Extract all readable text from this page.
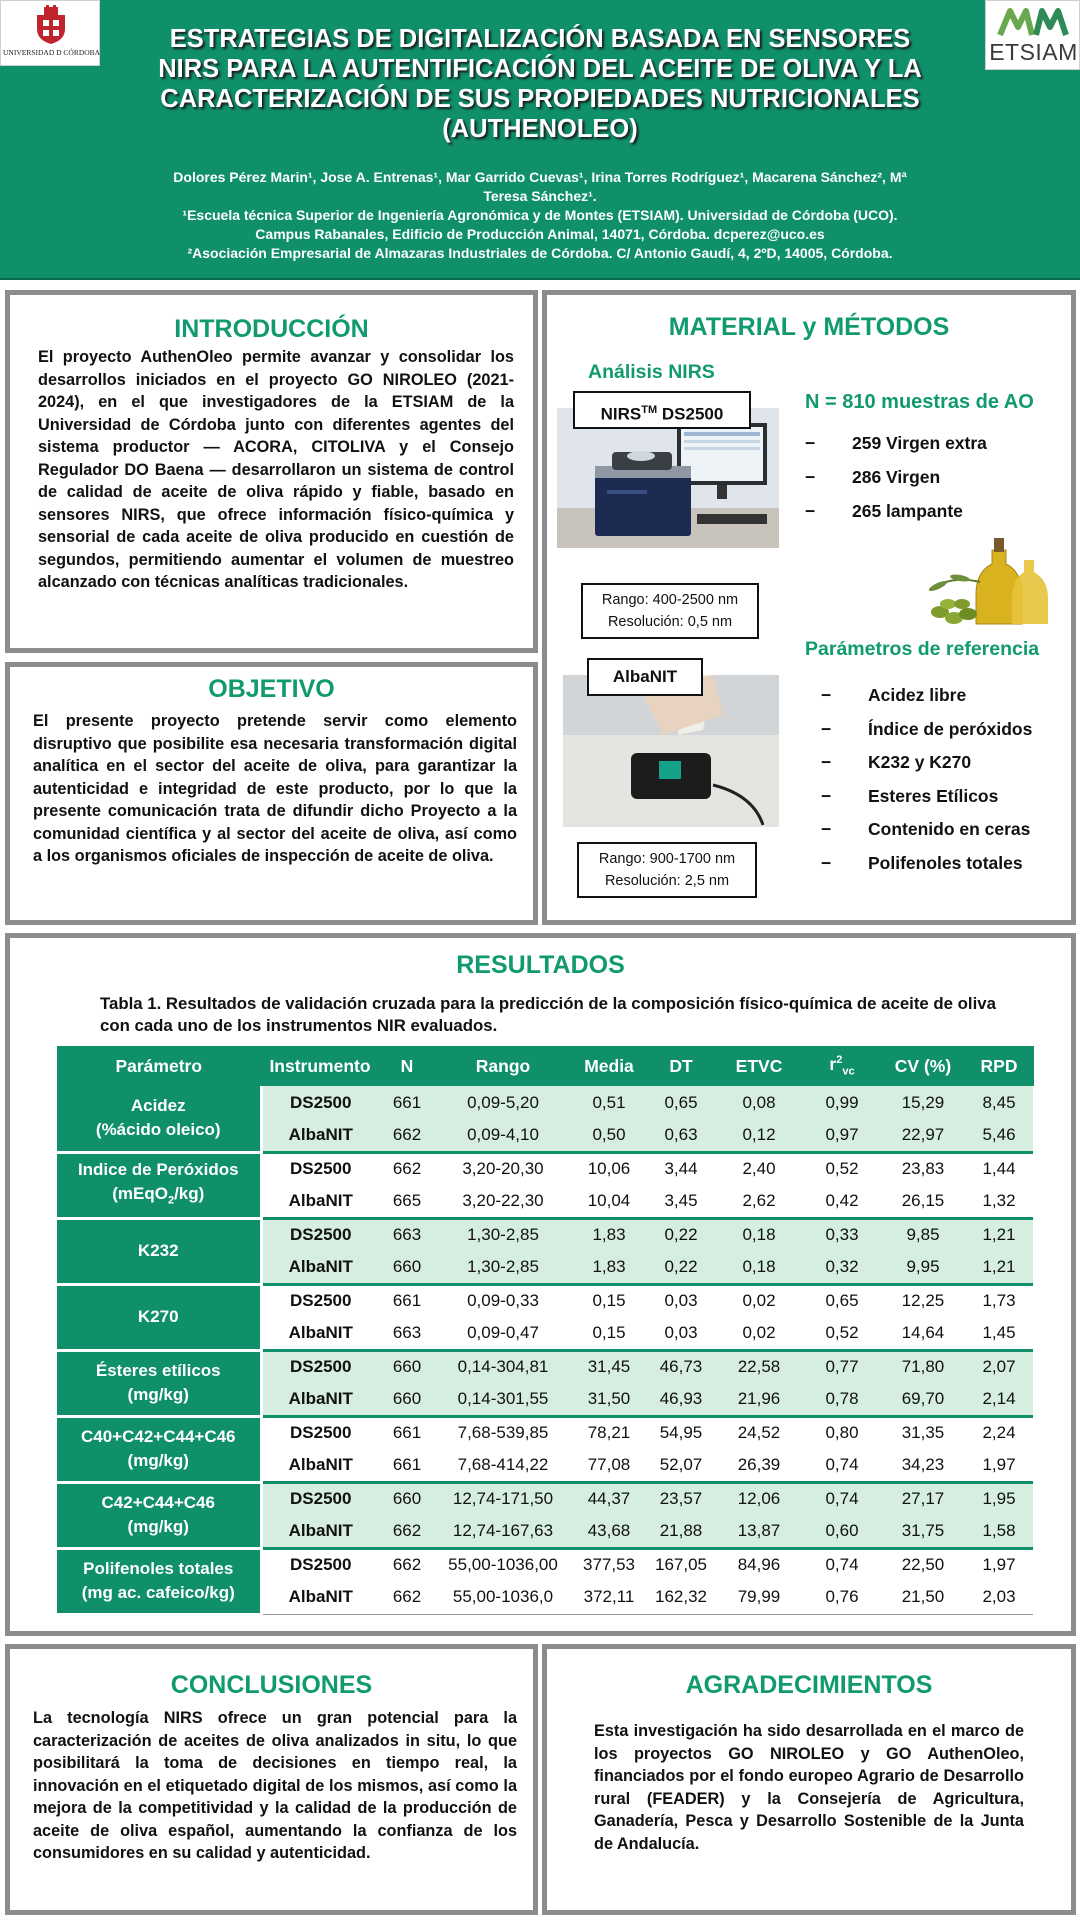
UNIVERSIDAD D CÓRDOBA	ETSIAM
ESTRATEGIAS DE DIGITALIZACIÓN BASADA EN SENSORES
NIRS PARA LA AUTENTIFICACIÓN DEL ACEITE DE OLIVA Y LA
CARACTERIZACIÓN DE SUS PROPIEDADES NUTRICIONALES
(AUTHENOLEO)
Dolores Pérez Marin¹, Jose A. Entrenas¹, Mar Garrido Cuevas¹, Irina Torres Rodríguez¹, Macarena Sánchez², Mª
Teresa Sánchez¹.
¹Escuela técnica Superior de Ingeniería Agronómica y de Montes (ETSIAM). Universidad de Córdoba (UCO).
Campus Rabanales, Edificio de Producción Animal, 14071, Córdoba. dcperez@uco.es
²Asociación Empresarial de Almazaras Industriales de Córdoba. C/ Antonio Gaudí, 4, 2ºD, 14005, Córdoba.
INTRODUCCIÓN
El proyecto AuthenOleo permite avanzar y consolidar los desarrollos iniciados en el proyecto GO NIROLEO (2021-2024), en el que investigadores de la ETSIAM de la Universidad de Córdoba junto con diferentes agentes del sistema productor — ACORA, CITOLIVA y el Consejo Regulador DO Baena — desarrollaron un sistema de control de calidad de aceite de oliva rápido y fiable, basado en sensores NIRS, que ofrece información físico-química y sensorial de cada aceite de oliva producido en cuestión de segundos, permitiendo aumentar el volumen de muestreo alcanzado con técnicas analíticas tradicionales.
OBJETIVO
El presente proyecto pretende servir como elemento disruptivo que posibilite esa necesaria transformación digital analítica en el sector del aceite de oliva, para garantizar la autenticidad e integridad de este producto, por lo que la presente comunicación trata de difundir dicho Proyecto a la comunidad científica y al sector del aceite de oliva, así como a los organismos oficiales de inspección de aceite de oliva.
MATERIAL y MÉTODOS
Análisis NIRS
NIRS™ DS2500
Rango: 400-2500 nm
Resolución: 0,5 nm
AlbaNIT
Rango: 900-1700 nm
Resolución: 2,5 nm
N = 810 muestras de AO
− 259 Virgen extra
− 286 Virgen
− 265 lampante
Parámetros de referencia
− Acidez libre
− Índice de peróxidos
− K232 y K270
− Esteres Etílicos
− Contenido en ceras
− Polifenoles totales
RESULTADOS
Tabla 1. Resultados de validación cruzada para la predicción de la composición físico-química de aceite de oliva con cada uno de los instrumentos NIR evaluados.
Parámetro	Instrumento	N	Rango	Media	DT	ETVC	$r^2_{vc}$	CV (%)	RPD

Acidez
(%ácido oleico)	DS2500	661	0,09-5,20	0,51	0,65	0,08	0,99	15,29	8,45
	AlbaNIT	662	0,09-4,10	0,50	0,63	0,12	0,97	22,97	5,46

Indice de Peróxidos
(mEqO$_2$/kg)	DS2500	662	3,20-20,30	10,06	3,44	2,40	0,52	23,83	1,44
	AlbaNIT	665	3,20-22,30	10,04	3,45	2,62	0,42	26,15	1,32

K232	DS2500	663	1,30-2,85	1,83	0,22	0,18	0,33	9,85	1,21
	AlbaNIT	660	1,30-2,85	1,83	0,22	0,18	0,32	9,95	1,21

K270	DS2500	661	0,09-0,33	0,15	0,03	0,02	0,65	12,25	1,73
	AlbaNIT	663	0,09-0,47	0,15	0,03	0,02	0,52	14,64	1,45

Ésteres etílicos
(mg/kg)	DS2500	660	0,14-304,81	31,45	46,73	22,58	0,77	71,80	2,07
	AlbaNIT	660	0,14-301,55	31,50	46,93	21,96	0,78	69,70	2,14

C40+C42+C44+C46
(mg/kg)	DS2500	661	7,68-539,85	78,21	54,95	24,52	0,80	31,35	2,24
	AlbaNIT	661	7,68-414,22	77,08	52,07	26,39	0,74	34,23	1,97

C42+C44+C46
(mg/kg)	DS2500	660	12,74-171,50	44,37	23,57	12,06	0,74	27,17	1,95
	AlbaNIT	662	12,74-167,63	43,68	21,88	13,87	0,60	31,75	1,58

Polifenoles totales
(mg ac. cafeico/kg)	DS2500	662	55,00-1036,00	377,53	167,05	84,96	0,74	22,50	1,97
	AlbaNIT	662	55,00-1036,0	372,11	162,32	79,99	0,76	21,50	2,03
CONCLUSIONES
La tecnología NIRS ofrece un gran potencial para la caracterización de aceites de oliva analizados in situ, lo que posibilitará la toma de decisiones en tiempo real, la innovación en el etiquetado digital de los mismos, así como la mejora de la competitividad y la calidad de la producción de aceite de oliva español, aumentando la confianza de los consumidores en su calidad y autenticidad.
AGRADECIMIENTOS
Esta investigación ha sido desarrollada en el marco de los proyectos GO NIROLEO y GO AuthenOleo, financiados por el fondo europeo Agrario de Desarrollo rural (FEADER) y la Consejería de Agricultura, Ganadería, Pesca y Desarrollo Sostenible de la Junta de Andalucía.
